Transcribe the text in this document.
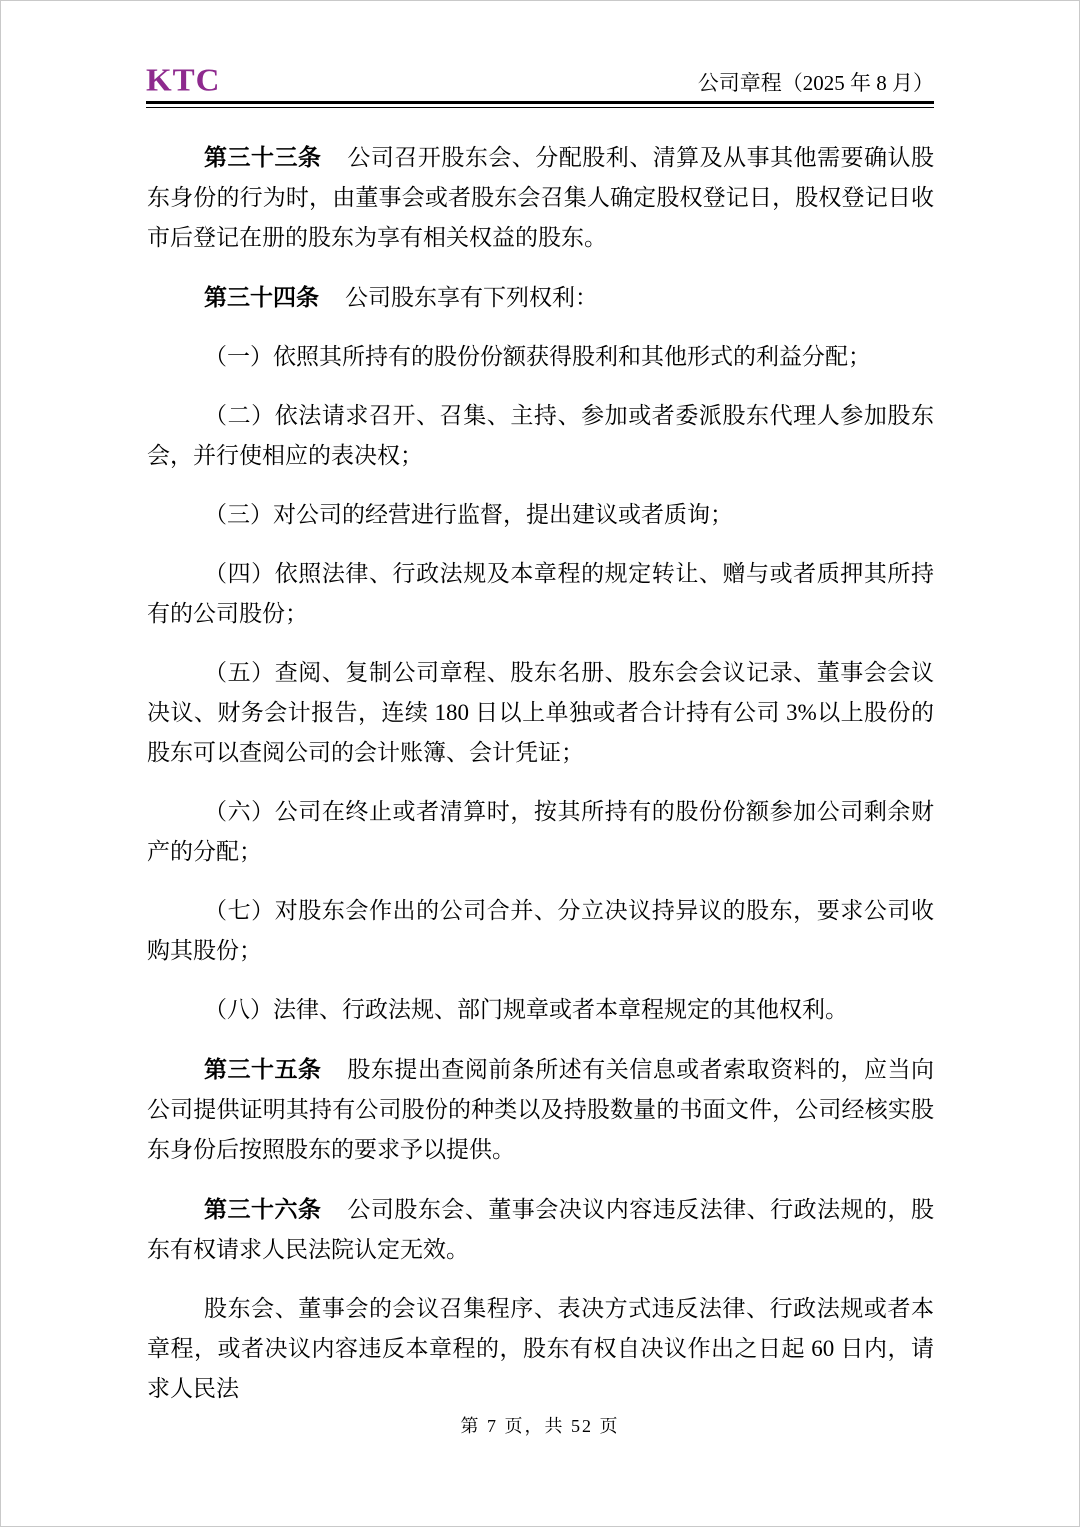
KTC	公司章程（2025 年 8 月）

第三十三条 公司召开股东会、分配股利、清算及从事其他需要确认股东身份的行为时，由董事会或者股东会召集人确定股权登记日，股权登记日收市后登记在册的股东为享有相关权益的股东。

第三十四条 公司股东享有下列权利：

（一）依照其所持有的股份份额获得股利和其他形式的利益分配；

（二）依法请求召开、召集、主持、参加或者委派股东代理人参加股东会，并行使相应的表决权；

（三）对公司的经营进行监督，提出建议或者质询；

（四）依照法律、行政法规及本章程的规定转让、赠与或者质押其所持有的公司股份；

（五）查阅、复制公司章程、股东名册、股东会会议记录、董事会会议决议、财务会计报告，连续 180 日以上单独或者合计持有公司 3%以上股份的股东可以查阅公司的会计账簿、会计凭证；

（六）公司在终止或者清算时，按其所持有的股份份额参加公司剩余财产的分配；

（七）对股东会作出的公司合并、分立决议持异议的股东，要求公司收购其股份；

（八）法律、行政法规、部门规章或者本章程规定的其他权利。

第三十五条 股东提出查阅前条所述有关信息或者索取资料的，应当向公司提供证明其持有公司股份的种类以及持股数量的书面文件，公司经核实股东身份后按照股东的要求予以提供。

第三十六条 公司股东会、董事会决议内容违反法律、行政法规的，股东有权请求人民法院认定无效。

股东会、董事会的会议召集程序、表决方式违反法律、行政法规或者本章程，或者决议内容违反本章程的，股东有权自决议作出之日起 60 日内，请求人民法

第 7 页，共 52 页
